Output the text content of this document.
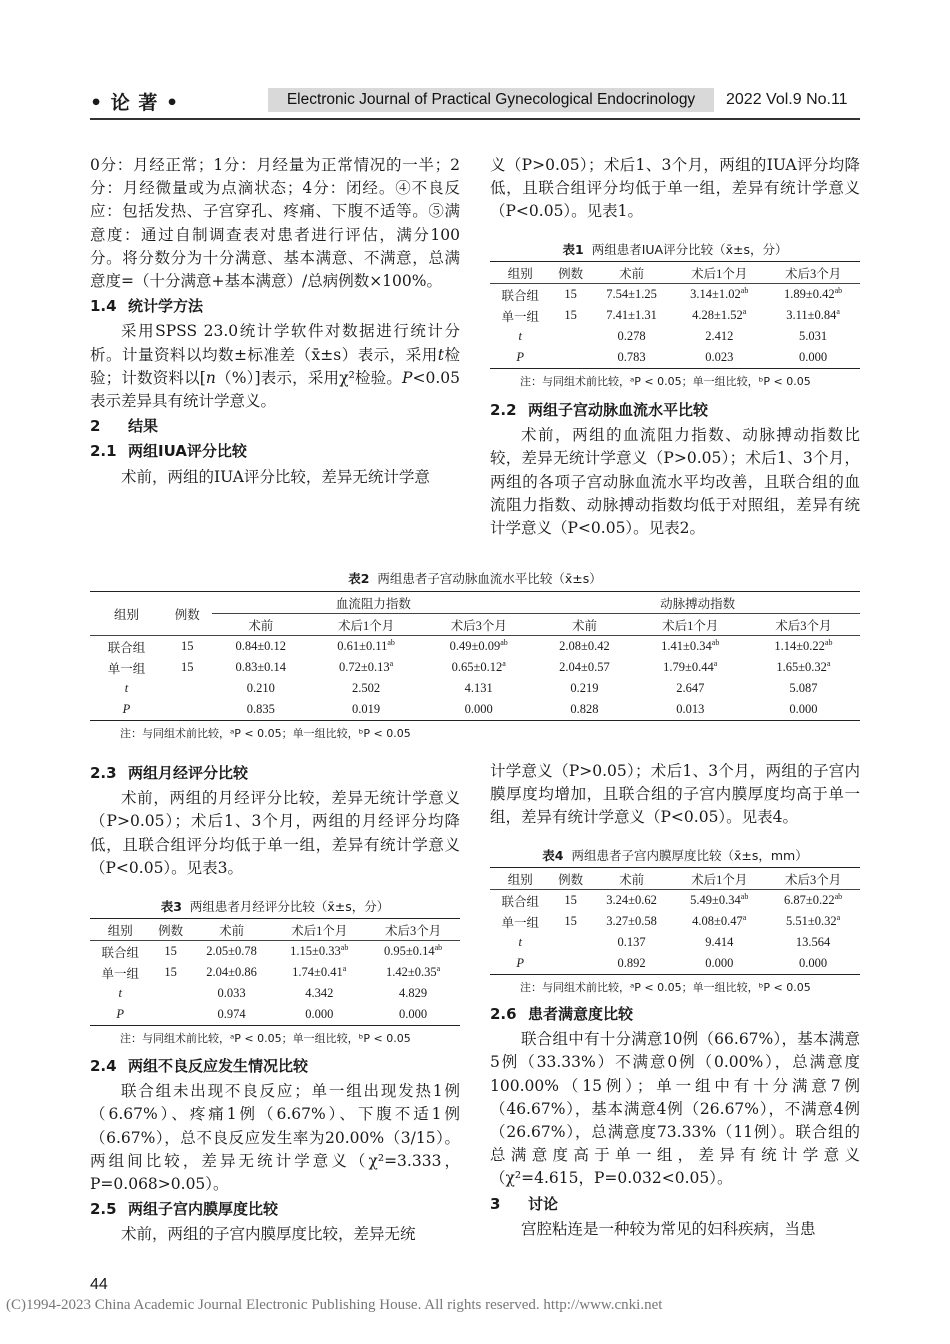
• 论 著 •	Electronic Journal of Practical Gynecological Endocrinology	2022 Vol.9 No.11

0分：月经正常；1分：月经量为正常情况的一半；2分：月经微量或为点滴状态；4分：闭经。④不良反应：包括发热、子宫穿孔、疼痛、下腹不适等。⑤满意度：通过自制调查表对患者进行评估，满分100分。将分数分为十分满意、基本满意、不满意，总满意度=（十分满意+基本满意）/总病例数×100%。

1.4 统计学方法

采用SPSS 23.0统计学软件对数据进行统计分析。计量资料以均数±标准差（x̄±s）表示，采用t检验；计数资料以[n（%）]表示，采用χ²检验。P<0.05表示差异具有统计学意义。

2 结果

2.1 两组IUA评分比较

术前，两组的IUA评分比较，差异无统计学意

义（P>0.05）；术后1、3个月，两组的IUA评分均降低，且联合组评分均低于单一组，差异有统计学意义（P<0.05）。见表1。

表1 两组患者IUA评分比较（x̄±s，分）
组别	例数	术前	术后1个月	术后3个月
联合组	15	7.54±1.25	3.14±1.02$^{ab}$	1.89±0.42$^{ab}$
单一组	15	7.41±1.31	4.28±1.52$^a$	3.11±0.84$^a$
t		0.278	2.412	5.031
P		0.783	0.023	0.000
注：与同组术前比较，ᵃP < 0.05；单一组比较，ᵇP < 0.05

2.2 两组子宫动脉血流水平比较

术前，两组的血流阻力指数、动脉搏动指数比较，差异无统计学意义（P>0.05）；术后1、3个月，两组的各项子宫动脉血流水平均改善，且联合组的血流阻力指数、动脉搏动指数均低于对照组，差异有统计学意义（P<0.05）。见表2。

表2 两组患者子宫动脉血流水平比较（x̄±s）
组别	例数	血流阻力指数			动脉搏动指数		
		术前	术后1个月	术后3个月	术前	术后1个月	术后3个月
联合组	15	0.84±0.12	0.61±0.11$^{ab}$	0.49±0.09$^{ab}$	2.08±0.42	1.41±0.34$^{ab}$	1.14±0.22$^{ab}$
单一组	15	0.83±0.14	0.72±0.13$^a$	0.65±0.12$^a$	2.04±0.57	1.79±0.44$^a$	1.65±0.32$^a$
t		0.210	2.502	4.131	0.219	2.647	5.087
P		0.835	0.019	0.000	0.828	0.013	0.000
注：与同组术前比较，ᵃP < 0.05；单一组比较，ᵇP < 0.05

2.3 两组月经评分比较

术前，两组的月经评分比较，差异无统计学意义（P>0.05）；术后1、3个月，两组的月经评分均降低，且联合组评分均低于单一组，差异有统计学意义（P<0.05）。见表3。

表3 两组患者月经评分比较（x̄±s，分）
组别	例数	术前	术后1个月	术后3个月
联合组	15	2.05±0.78	1.15±0.33$^{ab}$	0.95±0.14$^{ab}$
单一组	15	2.04±0.86	1.74±0.41$^a$	1.42±0.35$^a$
t		0.033	4.342	4.829
P		0.974	0.000	0.000
注：与同组术前比较，ᵃP < 0.05；单一组比较，ᵇP < 0.05

2.4 两组不良反应发生情况比较

联合组未出现不良反应；单一组出现发热1例（6.67%）、疼痛1例（6.67%）、下腹不适1例（6.67%），总不良反应发生率为20.00%（3/15）。两组间比较，差异无统计学意义（χ²=3.333，P=0.068>0.05）。

2.5 两组子宫内膜厚度比较

术前，两组的子宫内膜厚度比较，差异无统

计学意义（P>0.05）；术后1、3个月，两组的子宫内膜厚度均增加，且联合组的子宫内膜厚度均高于单一组，差异有统计学意义（P<0.05）。见表4。

表4 两组患者子宫内膜厚度比较（x̄±s，mm）
组别	例数	术前	术后1个月	术后3个月
联合组	15	3.24±0.62	5.49±0.34$^{ab}$	6.87±0.22$^{ab}$
单一组	15	3.27±0.58	4.08±0.47$^a$	5.51±0.32$^a$
t		0.137	9.414	13.564
P		0.892	0.000	0.000
注：与同组术前比较，ᵃP < 0.05；单一组比较，ᵇP < 0.05

2.6 患者满意度比较

联合组中有十分满意10例（66.67%），基本满意5例（33.33%）不满意0例（0.00%），总满意度100.00%（15例）；单一组中有十分满意7例（46.67%），基本满意4例（26.67%），不满意4例（26.67%），总满意度73.33%（11例）。联合组的总满意度高于单一组，差异有统计学意义（χ²=4.615，P=0.032<0.05）。

3 讨论

宫腔粘连是一种较为常见的妇科疾病，当患

44
(C)1994-2023 China Academic Journal Electronic Publishing House. All rights reserved. http://www.cnki.net
